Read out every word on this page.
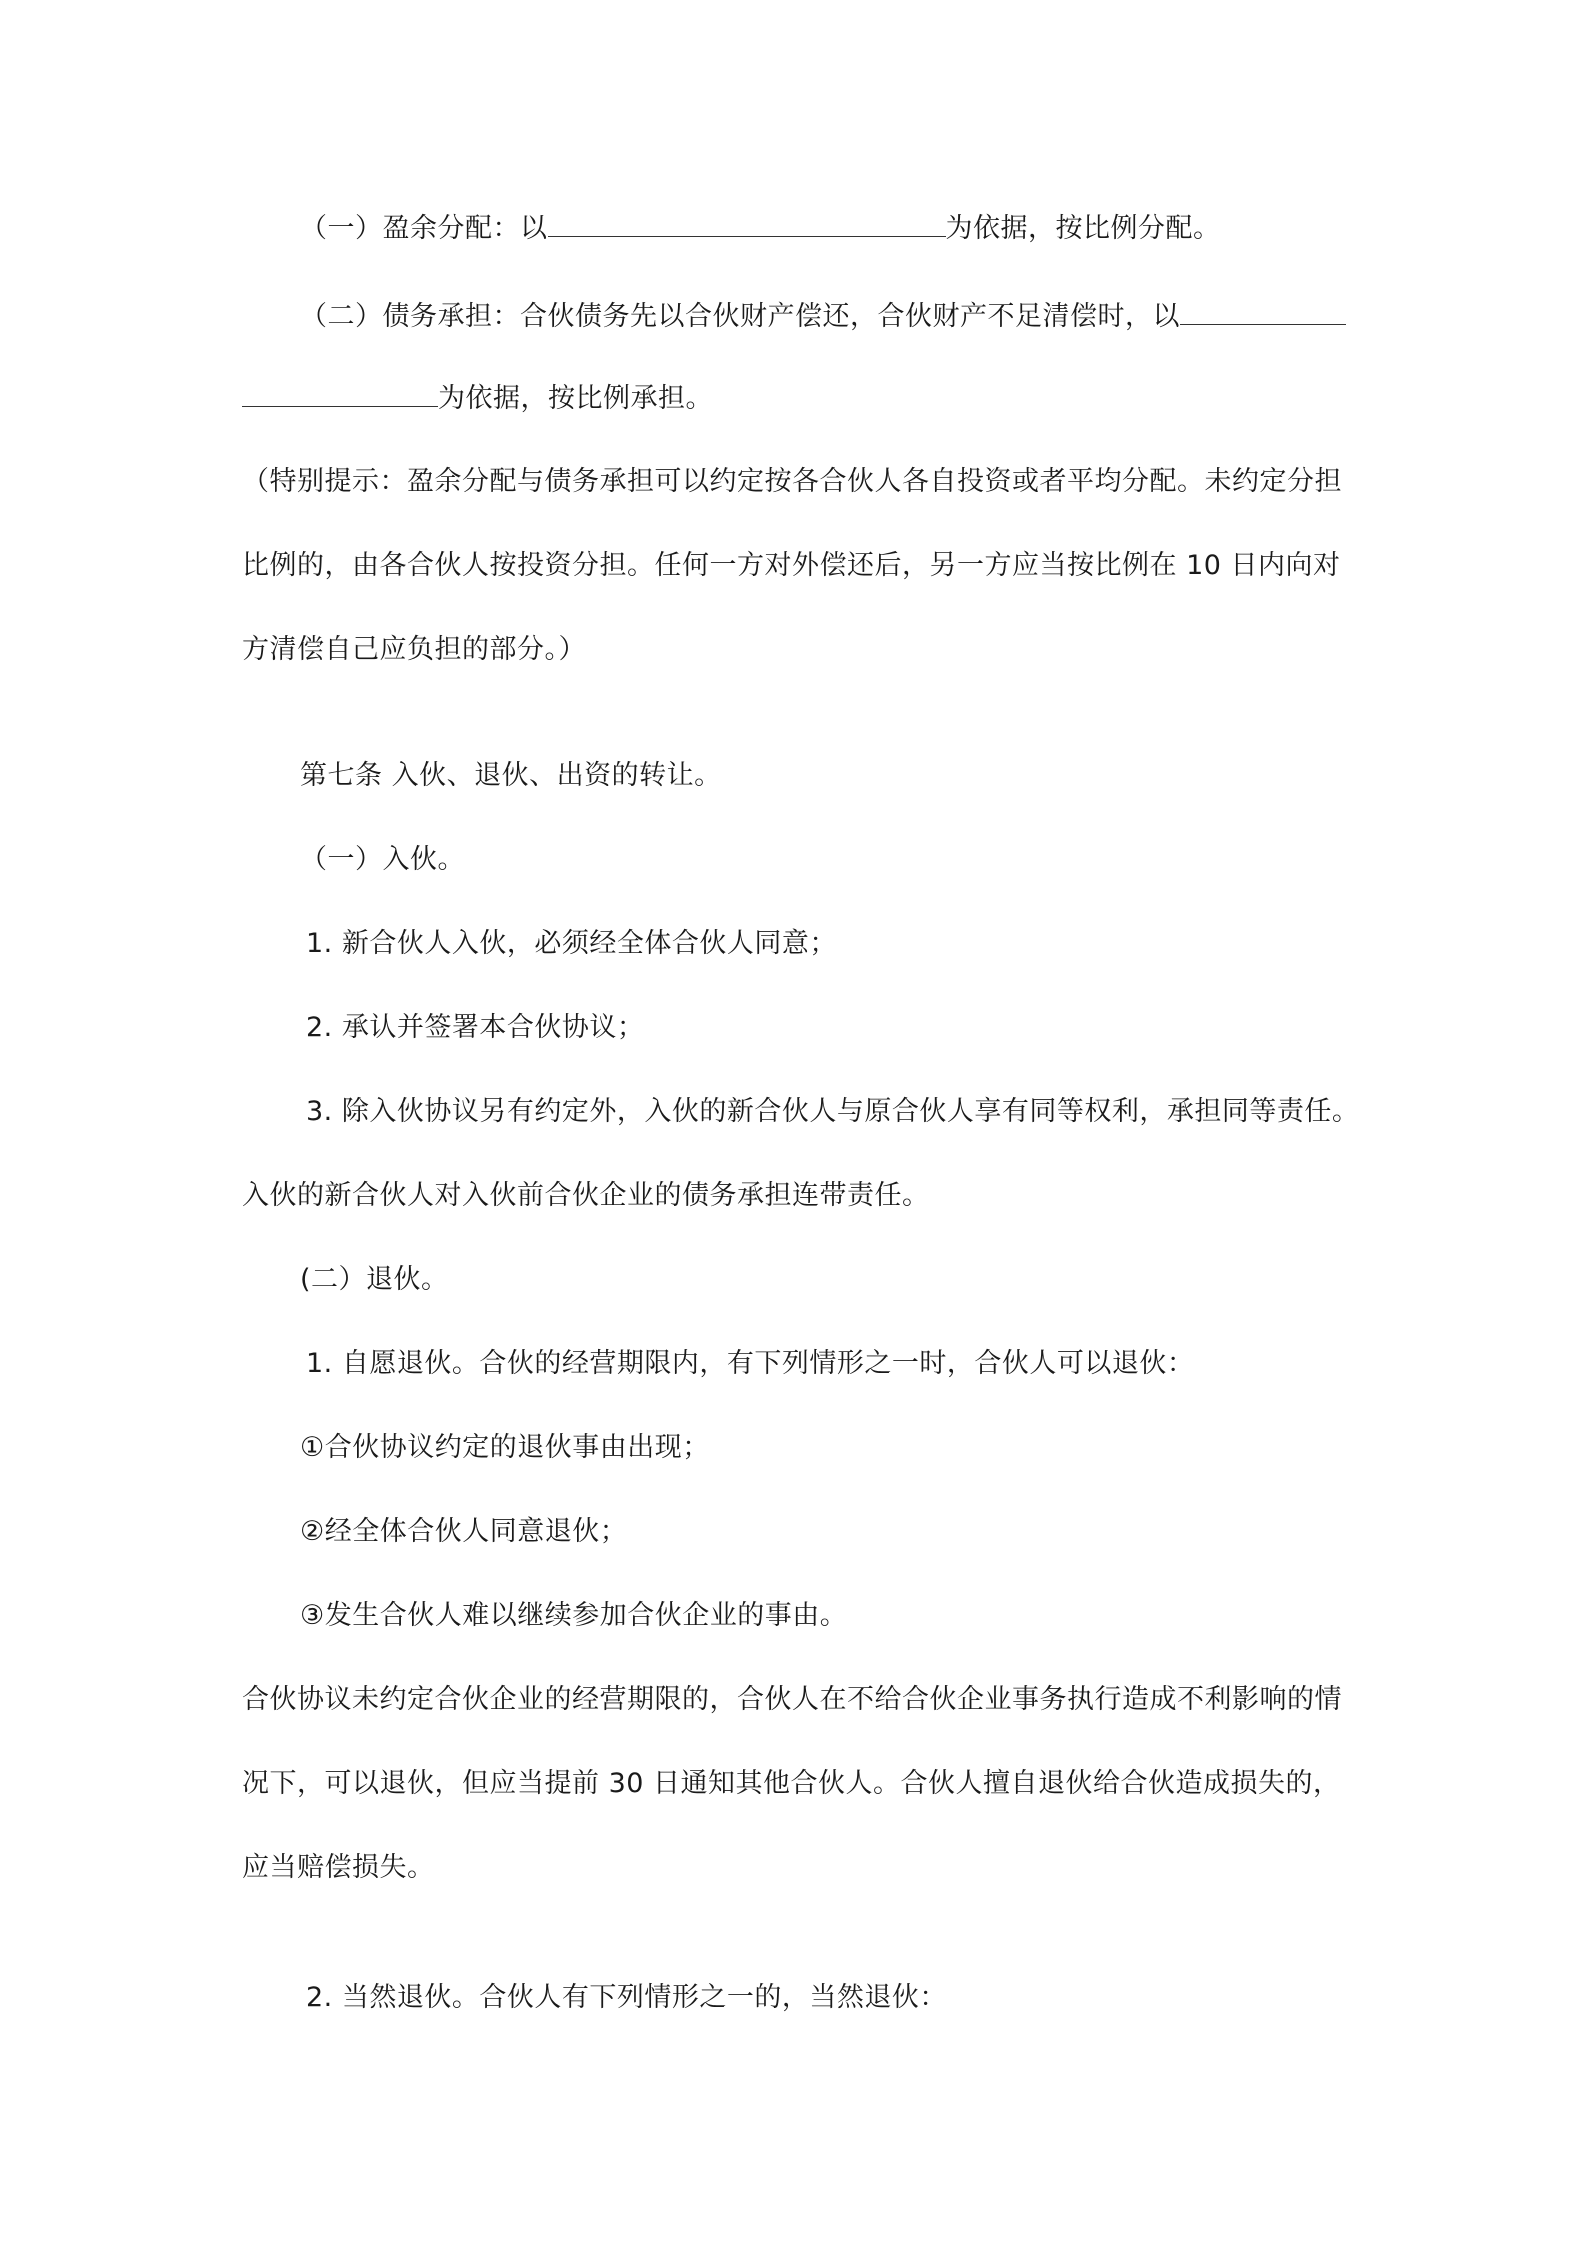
（一）盈余分配：以	为依据，按比例分配。
（二）债务承担：合伙债务先以合伙财产偿还，合伙财产不足清偿时，以
为依据，按比例承担。
（特别提示：盈余分配与债务承担可以约定按各合伙人各自投资或者平均分配。未约定分担
比例的，由各合伙人按投资分担。任何一方对外偿还后，另一方应当按比例在 10 日内向对
方清偿自己应负担的部分。）
第七条 入伙、退伙、出资的转让。
（一）入伙。
1. 新合伙人入伙，必须经全体合伙人同意；
2. 承认并签署本合伙协议；
3. 除入伙协议另有约定外，入伙的新合伙人与原合伙人享有同等权利，承担同等责任。
入伙的新合伙人对入伙前合伙企业的债务承担连带责任。
(二）退伙。
1. 自愿退伙。合伙的经营期限内，有下列情形之一时，合伙人可以退伙：
①合伙协议约定的退伙事由出现；
②经全体合伙人同意退伙；
③发生合伙人难以继续参加合伙企业的事由。
合伙协议未约定合伙企业的经营期限的，合伙人在不给合伙企业事务执行造成不利影响的情
况下，可以退伙，但应当提前 30 日通知其他合伙人。合伙人擅自退伙给合伙造成损失的，
应当赔偿损失。
2. 当然退伙。合伙人有下列情形之一的，当然退伙：
